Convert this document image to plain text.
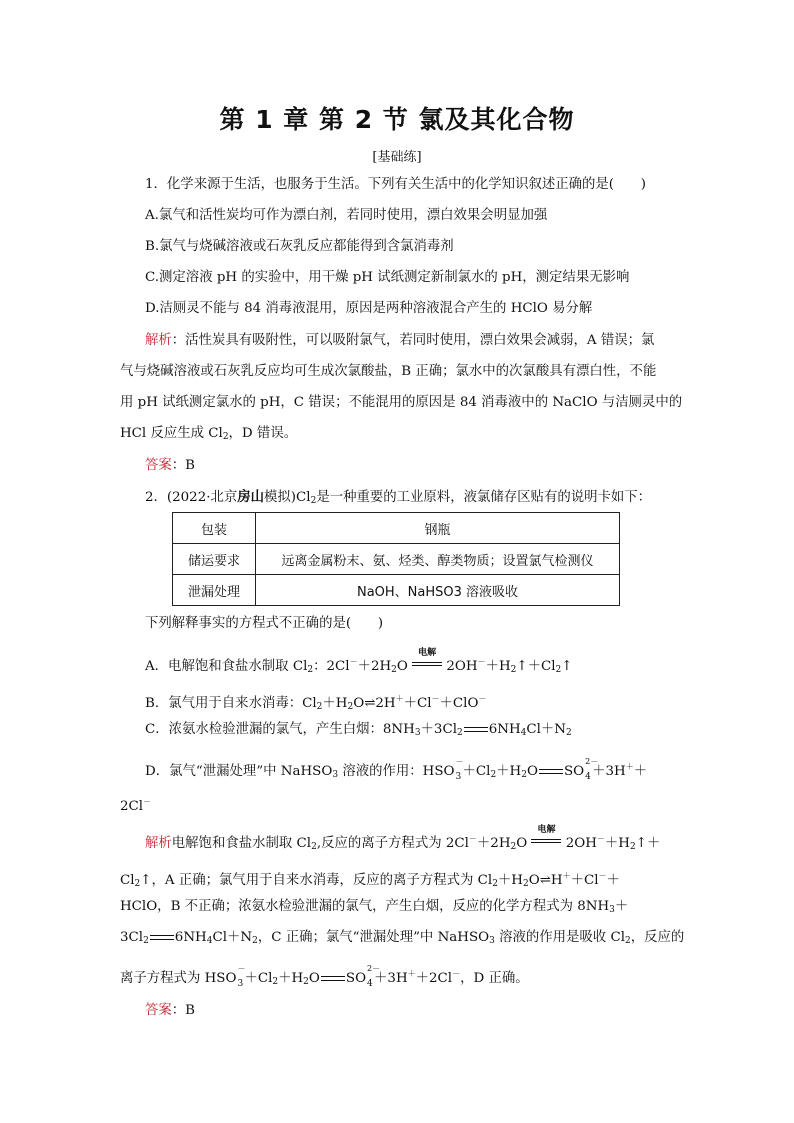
第 1 章 第 2 节 氯及其化合物
[基础练]
1．化学来源于生活，也服务于生活。下列有关生活中的化学知识叙述正确的是(　　)
A.氯气和活性炭均可作为漂白剂，若同时使用，漂白效果会明显加强
B.氯气与烧碱溶液或石灰乳反应都能得到含氯消毒剂
C.测定溶液 pH 的实验中，用干燥 pH 试纸测定新制氯水的 pH，测定结果无影响
D.洁厕灵不能与 84 消毒液混用，原因是两种溶液混合产生的 HClO 易分解
解析：活性炭具有吸附性，可以吸附氯气，若同时使用，漂白效果会减弱，A 错误；氯
气与烧碱溶液或石灰乳反应均可生成次氯酸盐，B 正确；氯水中的次氯酸具有漂白性，不能
用 pH 试纸测定氯水的 pH，C 错误；不能混用的原因是 84 消毒液中的 NaClO 与洁厕灵中的
HCl 反应生成 $Cl_2$，D 错误。
答案：B
2．(2022·北京房山模拟)$Cl_2$是一种重要的工业原料，液氯储存区贴有的说明卡如下：
包装	钢瓶
储运要求	远离金属粉末、氨、烃类、醇类物质；设置氯气检测仪
泄漏处理	NaOH、NaHSO3 溶液吸收
下列解释事实的方程式不正确的是(　　)
A．电解饱和食盐水制取 $Cl_2$：$2Cl^-+2H_2O$
电解
$2OH^-+H_2↑+Cl_2↑$
B．氯气用于自来水消毒：$Cl_2+H_2O\rightleftharpoons 2H^++Cl^-+ClO^-$
C．浓氨水检验泄漏的氯气，产生白烟：$8NH_3+3Cl_2$ $6NH_4Cl+N_2$
D．氯气“泄漏处理”中 NaHSO$_3$ 溶液的作用：HSO
－
$3 +Cl_2+H_2O$ SO
2－
4 ＋3H＋＋
2Cl－
解析电解饱和食盐水制取 $Cl_2$,反应的离子方程式为 $2Cl^-+2H_2O$
电解
$2OH^-+H_2↑+$
$Cl_2↑$，A 正确；氯气用于自来水消毒，反应的离子方程式为 $Cl_2+H_2O\rightleftharpoons H^++Cl^-+$
HClO，B 不正确；浓氨水检验泄漏的氯气，产生白烟，反应的化学方程式为 $8NH_3+$
$3Cl_2$ $6NH_4Cl+N_2$，C 正确；氯气“泄漏处理”中 NaHSO$_3$ 溶液的作用是吸收 $Cl_2$，反应的
离子方程式为 HSO
－
$3 +Cl_2+H_2O$ SO
2－
4 ＋3H＋＋2Cl－，D 正确。
答案：B
